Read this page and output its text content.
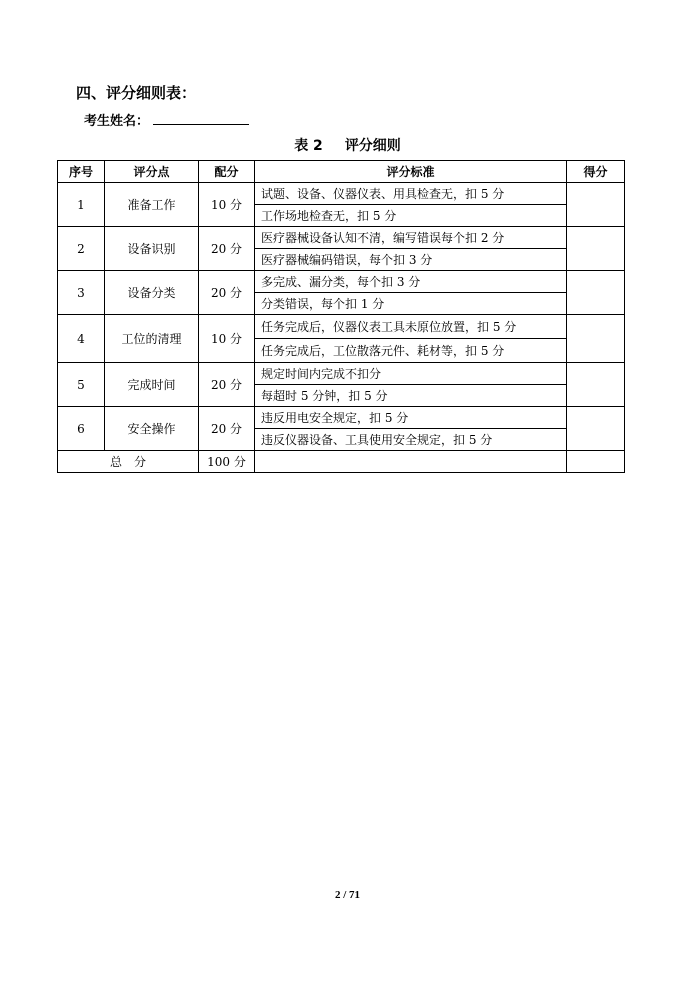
四、评分细则表：
考生姓名：
表 2 评分细则
序号	评分点	配分	评分标准	得分
1	准备工作	10 分	试题、设备、仪器仪表、用具检查无，扣 5 分	
			工作场地检查无，扣 5 分	
2	设备识别	20 分	医疗器械设备认知不清，编写错误每个扣 2 分	
			医疗器械编码错误，每个扣 3 分	
3	设备分类	20 分	多完成、漏分类，每个扣 3 分	
			分类错误，每个扣 1 分	
4	工位的清理	10 分	任务完成后，仪器仪表工具未原位放置，扣 5 分	
			任务完成后，工位散落元件、耗材等，扣 5 分	
5	完成时间	20 分	规定时间内完成不扣分	
			每超时 5 分钟，扣 5 分	
6	安全操作	20 分	违反用电安全规定，扣 5 分	
			违反仪器设备、工具使用安全规定，扣 5 分	
总　分		100 分		
2 / 71
